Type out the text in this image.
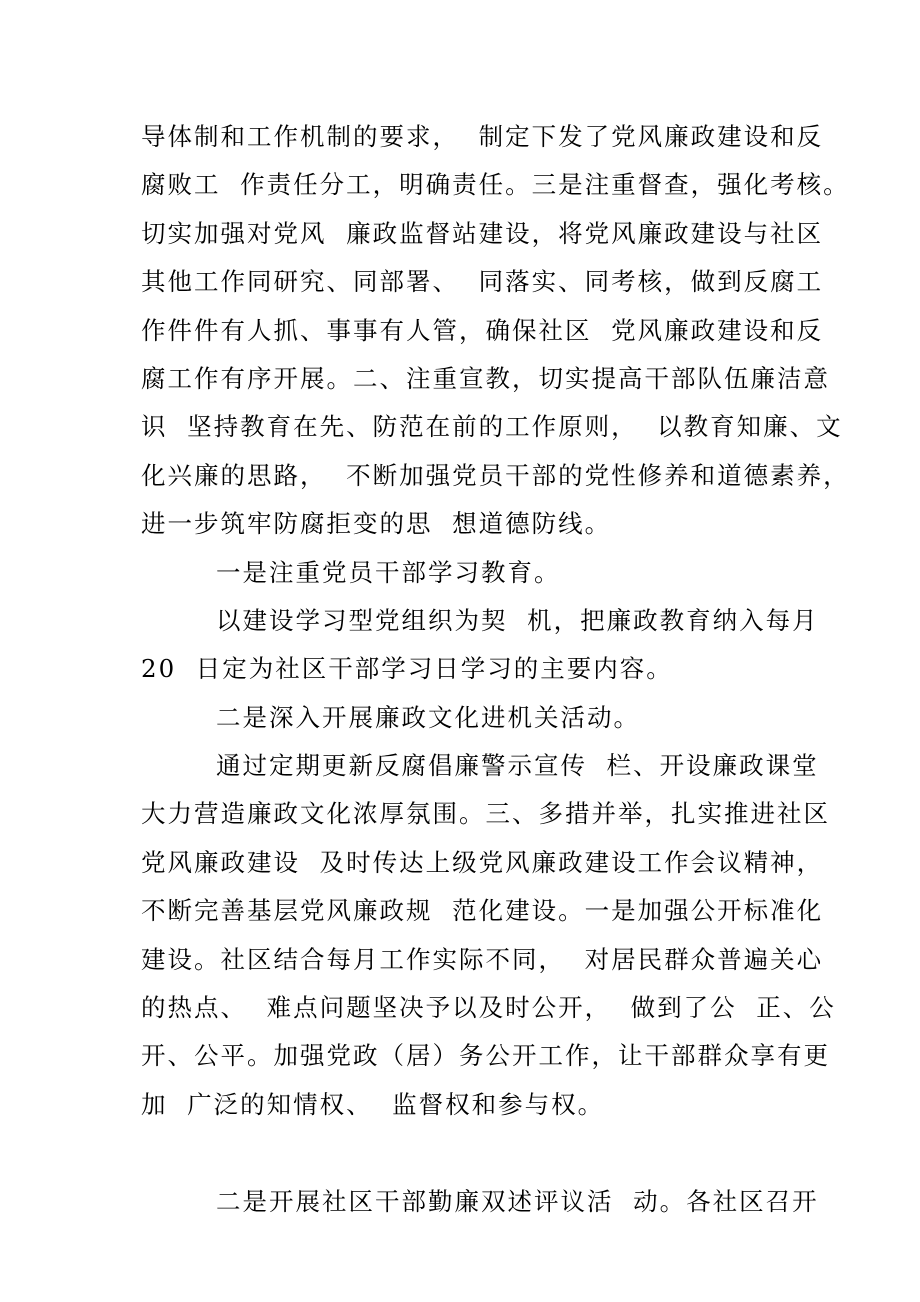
导体制和工作机制的要求，  制定下发了党风廉政建设和反
腐败工  作责任分工，明确责任。三是注重督查，强化考核。
切实加强对党风  廉政监督站建设，将党风廉政建设与社区
其他工作同研究、同部署、  同落实、同考核，做到反腐工
作件件有人抓、事事有人管，确保社区  党风廉政建设和反
腐工作有序开展。二、注重宣教，切实提高干部队伍廉洁意
识  坚持教育在先、防范在前的工作原则，  以教育知廉、文
化兴廉的思路，  不断加强党员干部的党性修养和道德素养，
进一步筑牢防腐拒变的思  想道德防线。
一是注重党员干部学习教育。
以建设学习型党组织为契  机，把廉政教育纳入每月
20  日定为社区干部学习日学习的主要内容。
二是深入开展廉政文化进机关活动。
通过定期更新反腐倡廉警示宣传  栏、开设廉政课堂
大力营造廉政文化浓厚氛围。三、多措并举，扎实推进社区
党风廉政建设  及时传达上级党风廉政建设工作会议精神，
不断完善基层党风廉政规  范化建设。一是加强公开标准化
建设。社区结合每月工作实际不同，  对居民群众普遍关心
的热点、  难点问题坚决予以及时公开，  做到了公  正、公
开、公平。加强党政（居）务公开工作，让干部群众享有更
加  广泛的知情权、  监督权和参与权。
二是开展社区干部勤廉双述评议活  动。各社区召开
